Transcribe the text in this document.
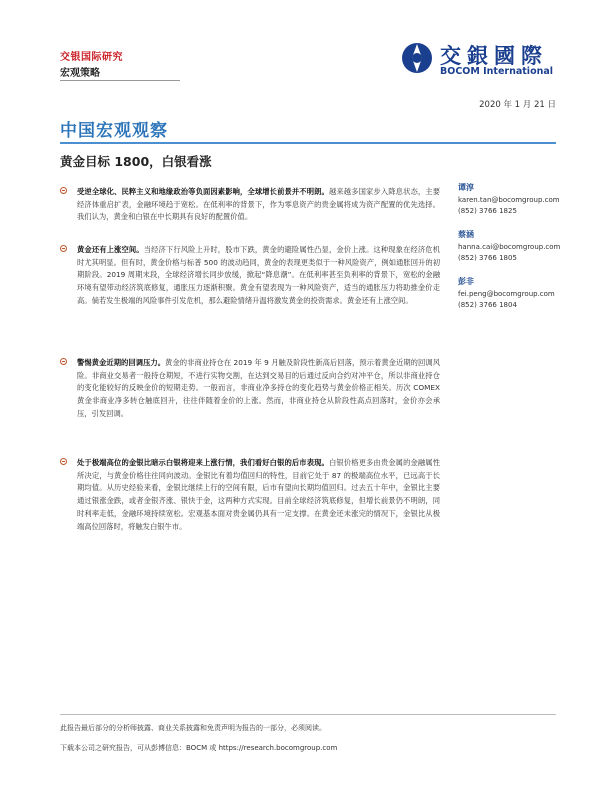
交银国际研究
宏观策略
交銀國際
BOCOM International
2020 年 1 月 21 日
中国宏观观察
黄金目标 1800，白银看涨
受逆全球化、民粹主义和地缘政治等负面因素影响，全球增长前景并不明朗。越来越多国家步入降息状态，主要经济体重启扩表，金融环境趋于宽松。在低利率的背景下，作为零息资产的贵金属将成为资产配置的优先选择。我们认为，黄金和白银在中长期具有良好的配置价值。
黄金还有上涨空间。当经济下行风险上升时，股市下跌，黄金的避险属性凸显，金价上涨。这种现象在经济危机时尤其明显。但有时，黄金价格与标普 500 的波动趋同，黄金的表现更类似于一种风险资产，例如通胀回升的初期阶段。2019 周期末段，全球经济增长同步放缓，掀起“降息潮”。在低利率甚至负利率的背景下，宽松的金融环境有望带动经济筑底修复，通胀压力逐渐积聚。黄金有望表现为一种风险资产，适当的通胀压力将助推金价走高。倘若发生极端的风险事件引发危机，那么避险情绪升温将激发黄金的投资需求。黄金还有上涨空间。
警惕黄金近期的回调压力。黄金的非商业持仓在 2019 年 9 月触及阶段性新高后回落，预示着黄金近期的回调风险。非商业交易者一般持仓期短，不进行实物交割，在达到交易目的后通过反向合约对冲平仓，所以非商业持仓的变化能较好的反映金价的短期走势。一般而言，非商业净多持仓的变化趋势与黄金价格正相关。历次 COMEX 黄金非商业净多转仓触底回升，往往伴随着金价的上涨。然而，非商业持仓从阶段性高点回落时，金价亦会承压，引发回调。
处于极端高位的金银比暗示白银将迎来上涨行情，我们看好白银的后市表现。白银价格更多由贵金属的金融属性所决定，与黄金价格往往同向波动。金银比有着均值回归的特性，目前它处于 87 的极端高位水平，已远高于长期均值。从历史经验来看，金银比继续上行的空间有限，后市有望向长期均值回归。过去五十年中，金银比主要通过银涨金跌，或者金银齐涨、银快于金，这两种方式实现。目前全球经济筑底修复，但增长前景仍不明朗，同时利率走低，金融环境持续宽松。宏观基本面对贵金属仍具有一定支撑。在黄金还未涨完的情况下，金银比从极端高位回落时，将触发白银牛市。
谭淳
karen.tan@bocomgroup.com
(852) 3766 1825
蔡涵
hanna.cai@bocomgroup.com
(852) 3766 1805
彭非
fei.peng@bocomgroup.com
(852) 3766 1804
此报告最后部分的分析师披露、商业关系披露和免责声明为报告的一部分，必须阅读。
下载本公司之研究报告，可从彭博信息：BOCM 或 https://research.bocomgroup.com
